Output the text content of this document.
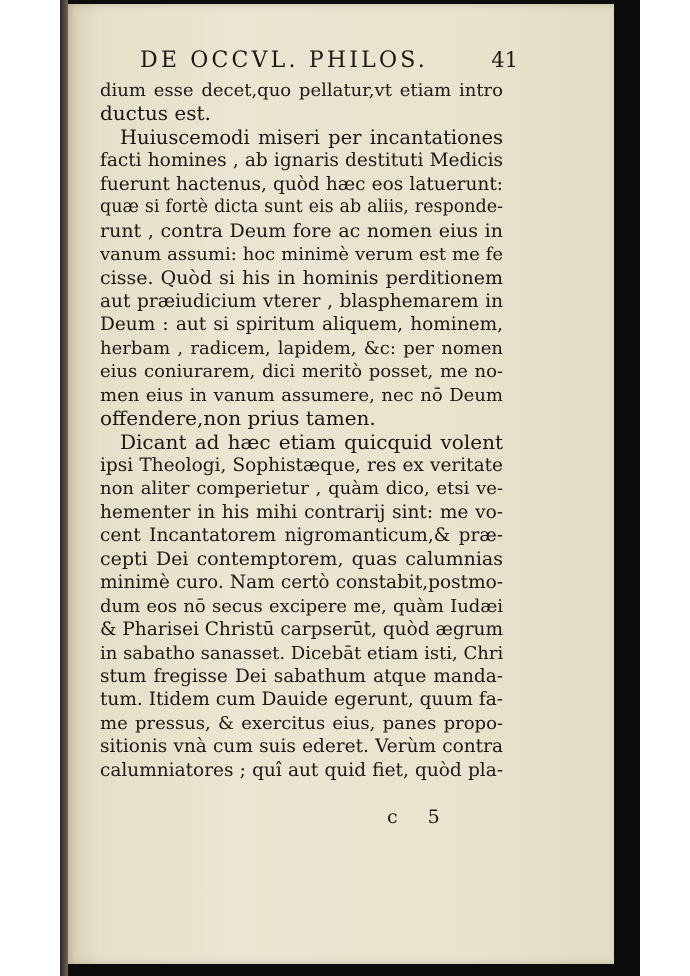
DE OCCVL. PHILOS.	41
dium esse decet,quo pellatur,vt etiam intro
ductus est.
Huiuscemodi miseri per incantationes
facti homines , ab ignaris destituti Medicis
fuerunt hactenus, quòd hæc eos latuerunt:
quæ si fortè dicta sunt eis ab aliis, responde-
runt , contra Deum fore ac nomen eius in
vanum assumi: hoc minimè verum est me fe
cisse. Quòd si his in hominis perditionem
aut præiudicium vterer , blasphemarem in
Deum : aut si spiritum aliquem, hominem,
herbam , radicem, lapidem, &c: per nomen
eius coniurarem, dici meritò posset, me no-
men eius in vanum assumere, nec nō Deum
offendere,non prius tamen.
Dicant ad hæc etiam quicquid volent
ipsi Theologi, Sophistæque, res ex veritate
non aliter comperietur , quàm dico, etsi ve-
hementer in his mihi contrarij sint: me vo-
cent Incantatorem nigromanticum,& præ-
cepti Dei contemptorem, quas calumnias
minimè curo. Nam certò constabit,postmo-
dum eos nō secus excipere me, quàm Iudæi
& Pharisei Christū carpserūt, quòd ægrum
in sabatho sanasset. Dicebāt etiam isti, Chri
stum fregisse Dei sabathum atque manda-
tum. Itidem cum Dauide egerunt, quum fa-
me pressus, & exercitus eius, panes propo-
sitionis vnà cum suis ederet. Verùm contra
calumniatores ; quî aut quid fiet, quòd pla-
c 5
